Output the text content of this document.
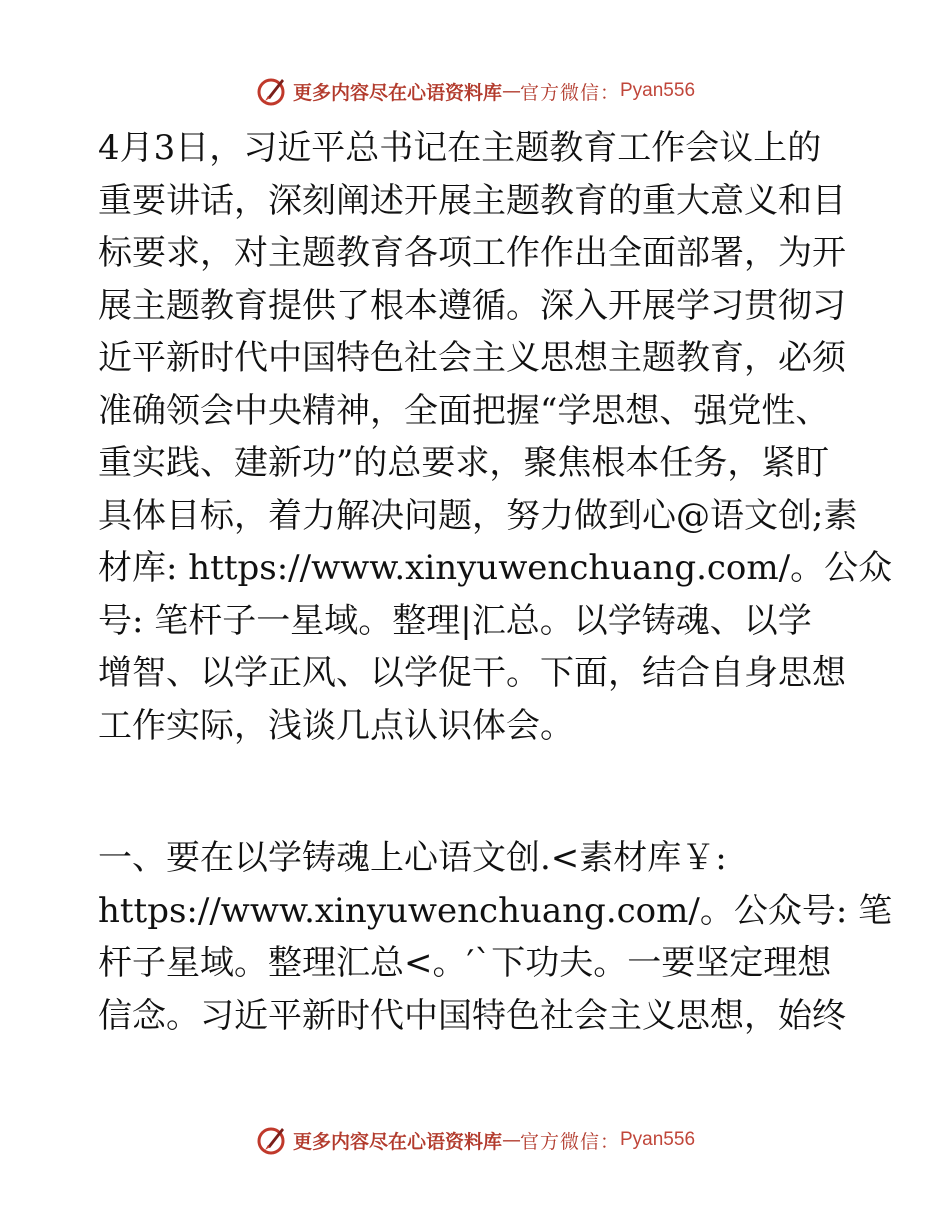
更多内容尽在心语资料库 — 官方微信： Pyan556
4月3日，习近平总书记在主题教育工作会议上的
重要讲话，深刻阐述开展主题教育的重大意义和目
标要求，对主题教育各项工作作出全面部署，为开
展主题教育提供了根本遵循。深入开展学习贯彻习
近平新时代中国特色社会主义思想主题教育，必须
准确领会中央精神，全面把握“学思想、强党性、
重实践、建新功”的总要求，聚焦根本任务，紧盯
具体目标，着力解决问题，努力做到心@语文创;素
材库: https://www.xinyuwenchuang.com/。公众
号: 笔杆子一星域。整理|汇总。以学铸魂、以学
增智、以学正风、以学促干。下面，结合自身思想
工作实际，浅谈几点认识体会。
一、要在以学铸魂上心语文创.<素材库￥:
https://www.xinyuwenchuang.com/。公众号: 笔
杆子星域。整理汇总<。′`下功夫。一要坚定理想
信念。习近平新时代中国特色社会主义思想，始终
更多内容尽在心语资料库 — 官方微信： Pyan556
